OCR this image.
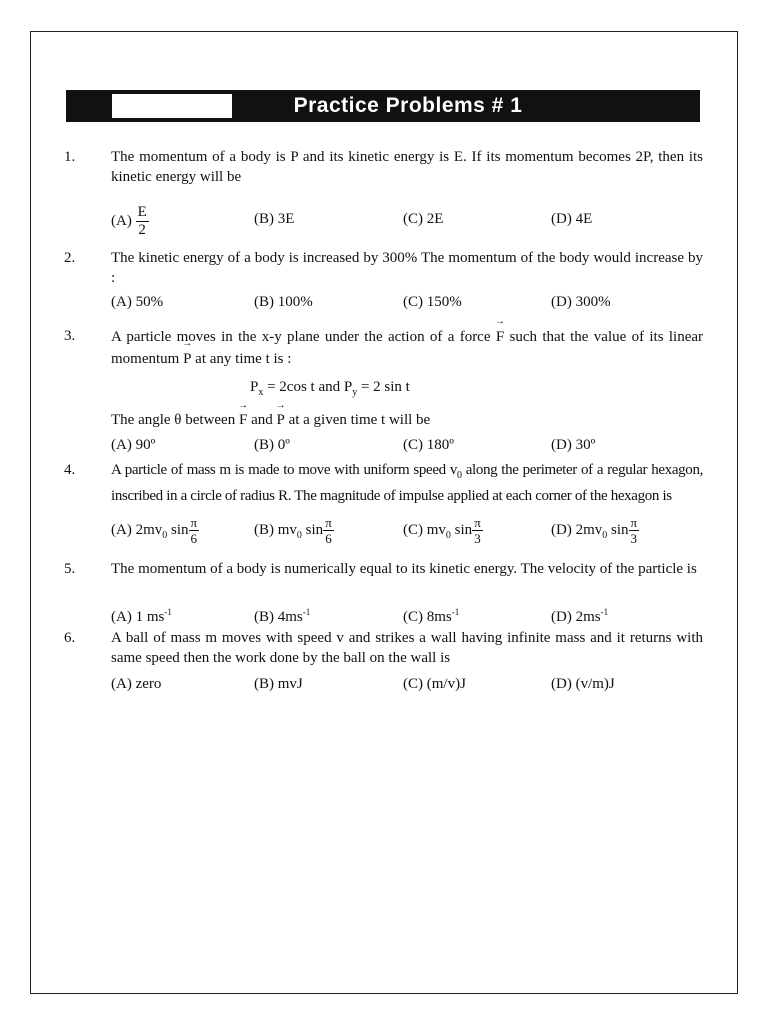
Practice Problems # 1
1. The momentum of a body is P and its kinetic energy is E. If its momentum becomes 2P, then its kinetic energy will be
$(A) \frac{E}{2}$	(B) 3E	(C) 2E	(D) 4E
2. The kinetic energy of a body is increased by 300% The momentum of the body would increase by :
(A) 50%	(B) 100%	(C) 150%	(D) 300%
3. A particle moves in the x-y plane under the action of a force → F such that the value of its linear momentum → P at any time t is :
$P_x = 2\cos$ t and $P_y = 2$ sin t
The angle θ between → F and → P at a given time t will be
(A) 90º	(B) 0º	(C) 180º	(D) 30º
4. A particle of mass m is made to move with uniform speed $v_0$ along the perimeter of a regular hexagon, inscribed in a circle of radius R. The magnitude of impulse applied at each corner of the hexagon is
(A) $2mv_0$ $\sin \frac{\pi}{6}$	(B) $mv_0$ $\sin \frac{\pi}{6}$	(C) $mv_0$ $\sin \frac{\pi}{3}$	(D) $2mv_0$ $\sin \frac{\pi}{3}$
5. The momentum of a body is numerically equal to its kinetic energy. The velocity of the particle is
(A) 1 $ms^{-1}$	(B) $4ms^{-1}$	(C) $8ms^{-1}$	(D) $2ms^{-1}$
6. A ball of mass m moves with speed v and strikes a wall having infinite mass and it returns with same speed then the work done by the ball on the wall is
(A) zero	(B) mvJ	(C) (m/v)J	(D) (v/m)J
